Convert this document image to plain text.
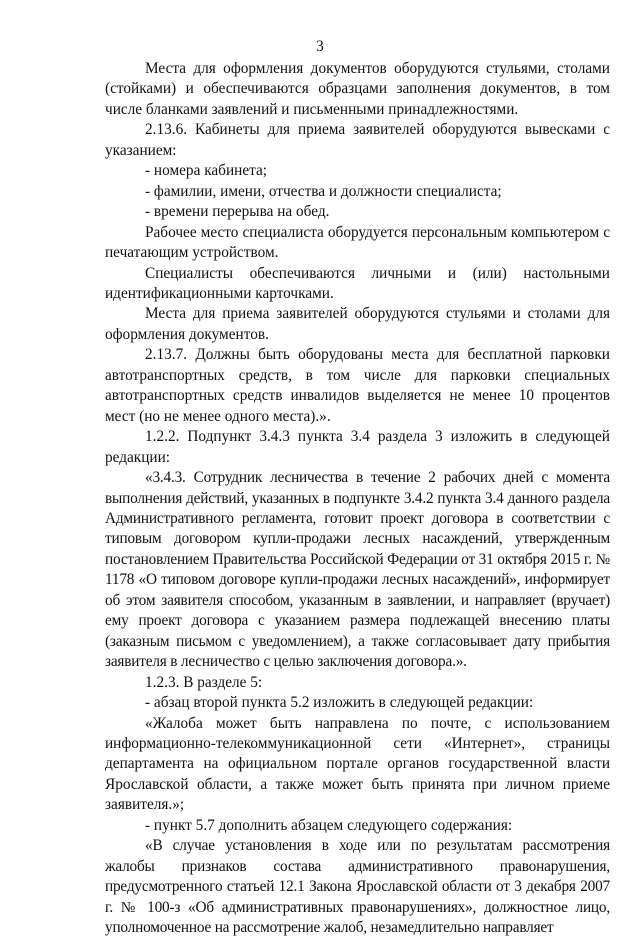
3

Места для оформления документов оборудуются стульями, столами (стойками) и обеспечиваются образцами заполнения документов, в том числе бланками заявлений и письменными принадлежностями.

2.13.6. Кабинеты для приема заявителей оборудуются вывесками с указанием:

- номера кабинета;

- фамилии, имени, отчества и должности специалиста;

- времени перерыва на обед.

Рабочее место специалиста оборудуется персональным компьютером с печатающим устройством.

Специалисты обеспечиваются личными и (или) настольными идентификационными карточками.

Места для приема заявителей оборудуются стульями и столами для оформления документов.

2.13.7. Должны быть оборудованы места для бесплатной парковки автотранспортных средств, в том числе для парковки специальных автотранспортных средств инвалидов выделяется не менее 10 процентов мест (но не менее одного места).».

1.2.2. Подпункт 3.4.3 пункта 3.4 раздела 3 изложить в следующей редакции:

«3.4.3. Сотрудник лесничества в течение 2 рабочих дней с момента выполнения действий, указанных в подпункте 3.4.2 пункта 3.4 данного раздела Административного регламента, готовит проект договора в соответствии с типовым договором купли-продажи лесных насаждений, утвержденным постановлением Правительства Российской Федерации от 31 октября 2015 г. № 1178 «О типовом договоре купли-продажи лесных насаждений», информирует об этом заявителя способом, указанным в заявлении, и направляет (вручает) ему проект договора с указанием размера подлежащей внесению платы (заказным письмом с уведомлением), а также согласовывает дату прибытия заявителя в лесничество с целью заключения договора.».

1.2.3. В разделе 5:

- абзац второй пункта 5.2 изложить в следующей редакции:

«Жалоба может быть направлена по почте, с использованием информационно-телекоммуникационной сети «Интернет», страницы департамента на официальном портале органов государственной власти Ярославской области, а также может быть принята при личном приеме заявителя.»;

- пункт 5.7 дополнить абзацем следующего содержания:

«В случае установления в ходе или по результатам рассмотрения жалобы признаков состава административного правонарушения, предусмотренного статьей 12.1 Закона Ярославской области от 3 декабря 2007 г. № 100-з «Об административных правонарушениях», должностное лицо, уполномоченное на рассмотрение жалоб, незамедлительно направляет
